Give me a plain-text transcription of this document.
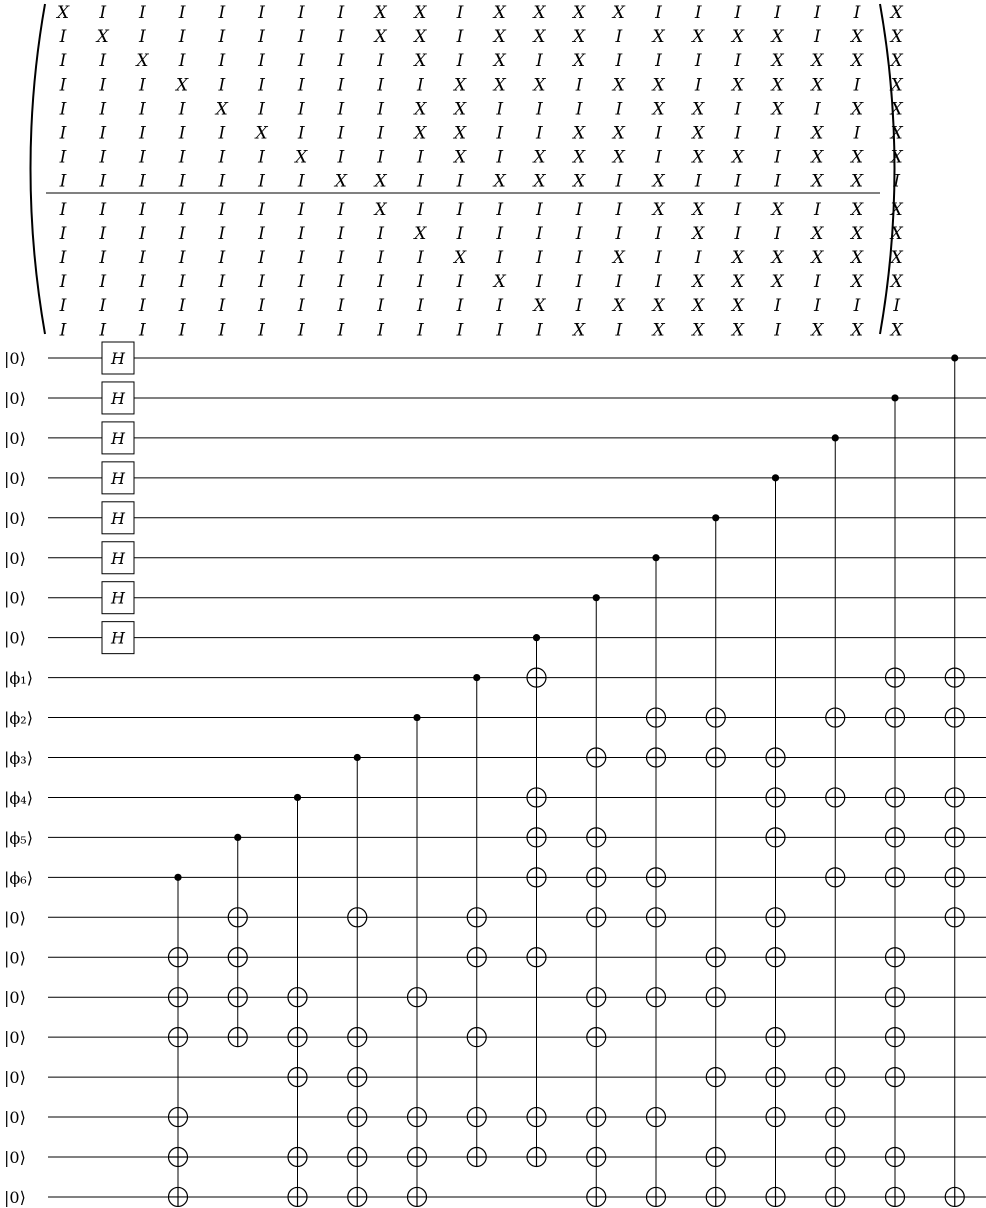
X I I I I I I I X X I X X X X I I I I I I X
I X I I I I I I X X I X X X I X X X X I X X
I I X I I I I I I X I X I X I I I I X X X X
I I I X I I I I I I X X X I X X I X X X I X
I I I I X I I I I X X I I I I X X I X I X X
I I I I I X I I I X X I I X X I X I I X I X
I I I I I I X I I I X I X X X I X X I X X X
I I I I I I I X X I I X X X I X I I I X X I
I I I I I I I I X I I I I I I X X I X I X X
I I I I I I I I I X I I I I I I X I I X X X
I I I I I I I I I I X I I I X I I X X X X X
I I I I I I I I I I I X I I I I X X X I X X
I I I I I I I I I I I I X I X X X X I I I I
I I I I I I I I I I I I I X I X X X I X X X
|0⟩
|0⟩
|0⟩
|0⟩
|0⟩
|0⟩
|0⟩
|0⟩
|ϕ₁⟩
|ϕ₂⟩
|ϕ₃⟩
|ϕ₄⟩
|ϕ₅⟩
|ϕ₆⟩
|0⟩
|0⟩
|0⟩
|0⟩
|0⟩
|0⟩
|0⟩
|0⟩
H
H
H
H
H
H
H
H
